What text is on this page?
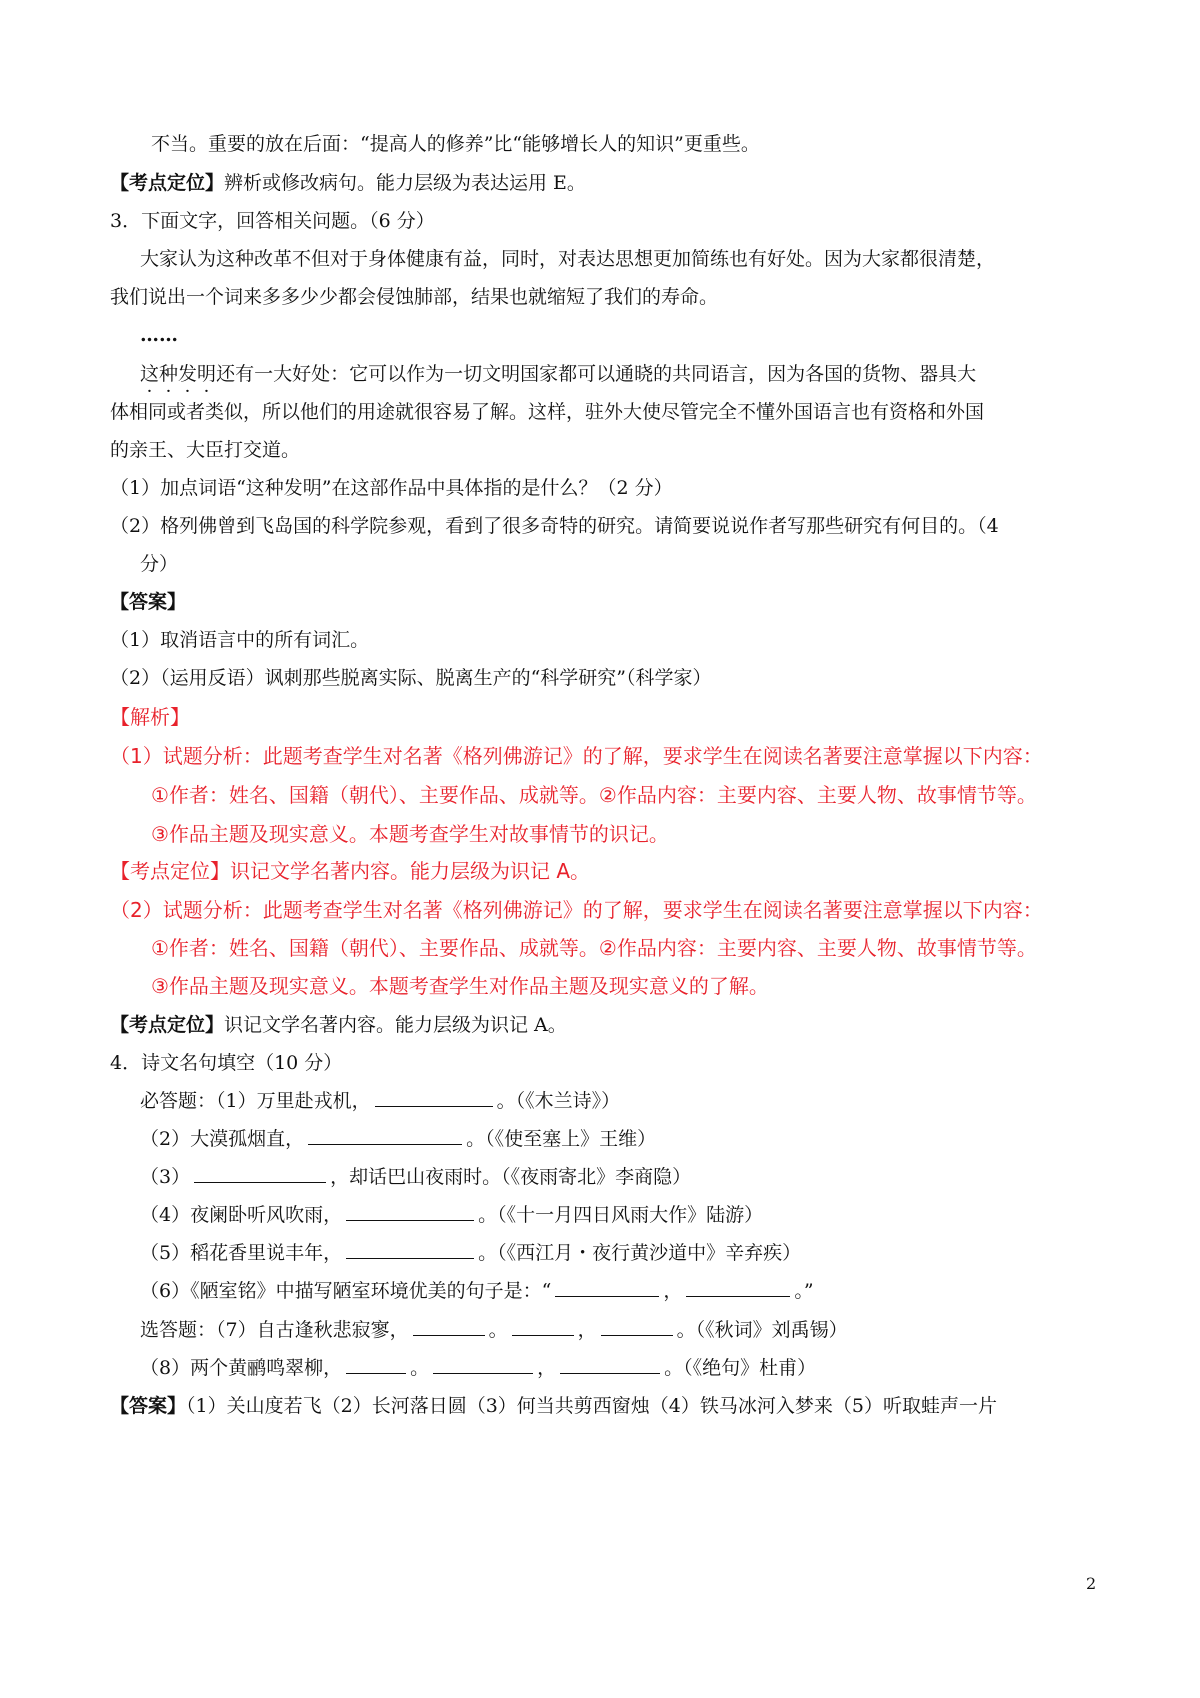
不当。重要的放在后面：“提高人的修养”比“能够增长人的知识”更重些。
【考点定位】辨析或修改病句。能力层级为表达运用 E。
3．下面文字，回答相关问题。（6 分）
大家认为这种改革不但对于身体健康有益，同时，对表达思想更加简练也有好处。因为大家都很清楚，
我们说出一个词来多多少少都会侵蚀肺部，结果也就缩短了我们的寿命。
……
这种发明还有一大好处：它可以作为一切文明国家都可以通晓的共同语言，因为各国的货物、器具大
体相同或者类似，所以他们的用途就很容易了解。这样，驻外大使尽管完全不懂外国语言也有资格和外国
的亲王、大臣打交道。
（1）加点词语“这种发明”在这部作品中具体指的是什么？（2 分）
（2）格列佛曾到飞岛国的科学院参观，看到了很多奇特的研究。请简要说说作者写那些研究有何目的。（4
分）
【答案】
（1）取消语言中的所有词汇。
（2）（运用反语）讽刺那些脱离实际、脱离生产的“科学研究”（科学家）
【解析】
（1）试题分析：此题考查学生对名著《格列佛游记》的了解，要求学生在阅读名著要注意掌握以下内容：
①作者：姓名、国籍（朝代）、主要作品、成就等。②作品内容：主要内容、主要人物、故事情节等。
③作品主题及现实意义。本题考查学生对故事情节的识记。
【考点定位】识记文学名著内容。能力层级为识记 A。
（2）试题分析：此题考查学生对名著《格列佛游记》的了解，要求学生在阅读名著要注意掌握以下内容：
①作者：姓名、国籍（朝代）、主要作品、成就等。②作品内容：主要内容、主要人物、故事情节等。
③作品主题及现实意义。本题考查学生对作品主题及现实意义的了解。
【考点定位】识记文学名著内容。能力层级为识记 A。
4．诗文名句填空（10 分）
必答题：（1）万里赴戎机，	。（《木兰诗》）
（2）大漠孤烟直，	。（《使至塞上》王维）
（3）	，却话巴山夜雨时。（《夜雨寄北》李商隐）
（4）夜阑卧听风吹雨，	。（《十一月四日风雨大作》陆游）
（5）稻花香里说丰年，	。（《西江月・夜行黄沙道中》辛弃疾）
（6）《陋室铭》中描写陋室环境优美的句子是：“	，	。”
选答题：（7）自古逢秋悲寂寥，	。	，	。（《秋词》刘禹锡）
（8）两个黄鹂鸣翠柳，	。	，	。（《绝句》杜甫）
【答案】（1）关山度若飞（2）长河落日圆（3）何当共剪西窗烛（4）铁马冰河入梦来（5）听取蛙声一片
2
